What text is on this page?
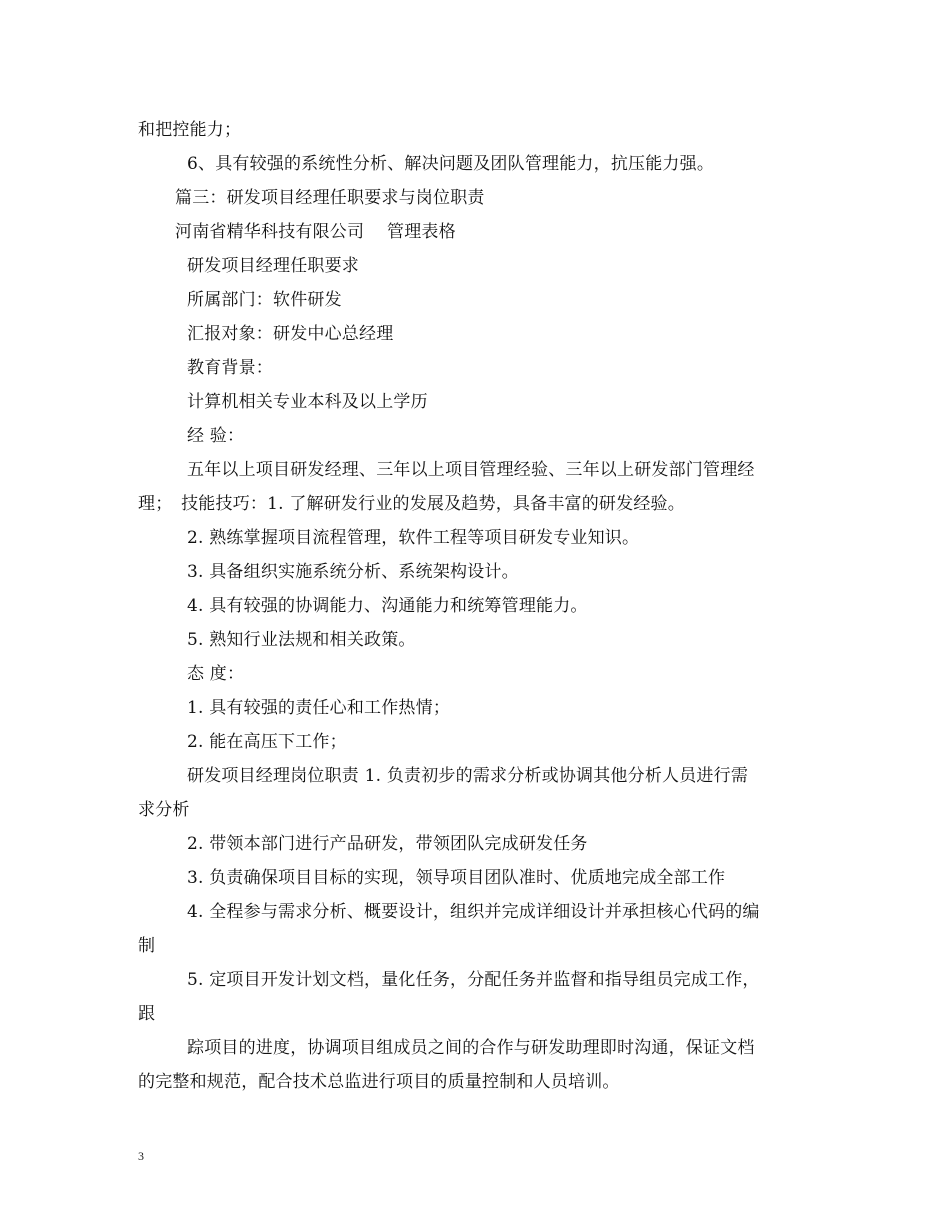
和把控能力；
6、具有较强的系统性分析、解决问题及团队管理能力，抗压能力强。
篇三：研发项目经理任职要求与岗位职责
河南省精华科技有限公司　 管理表格
研发项目经理任职要求
所属部门：软件研发
汇报对象：研发中心总经理
教育背景：
计算机相关专业本科及以上学历
经 验：
五年以上项目研发经理、三年以上项目管理经验、三年以上研发部门管理经
理；　技能技巧：1. 了解研发行业的发展及趋势，具备丰富的研发经验。
2. 熟练掌握项目流程管理，软件工程等项目研发专业知识。
3. 具备组织实施系统分析、系统架构设计。
4. 具有较强的协调能力、沟通能力和统筹管理能力。
5. 熟知行业法规和相关政策。
态 度：
1. 具有较强的责任心和工作热情；
2. 能在高压下工作；
研发项目经理岗位职责 1. 负责初步的需求分析或协调其他分析人员进行需
求分析
2. 带领本部门进行产品研发，带领团队完成研发任务
3. 负责确保项目目标的实现，领导项目团队准时、优质地完成全部工作
4. 全程参与需求分析、概要设计，组织并完成详细设计并承担核心代码的编
制
5. 定项目开发计划文档，量化任务，分配任务并监督和指导组员完成工作，
跟
踪项目的进度，协调项目组成员之间的合作与研发助理即时沟通，保证文档
的完整和规范，配合技术总监进行项目的质量控制和人员培训。
3
